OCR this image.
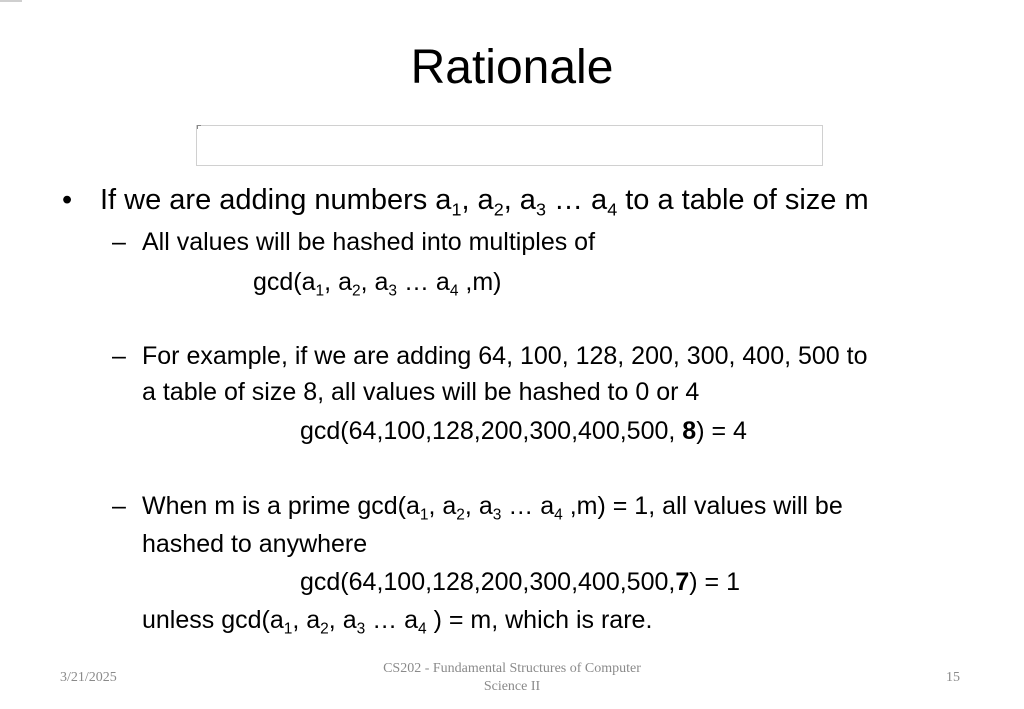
Rationale
• If we are adding numbers $a_1$, $a_2$, $a_3$ … $a_4$ to a table of size m
– All values will be hashed into multiples of
$\gcd(a_1$, $a_2$, $a_3$ … $a_4$ ,m)
– For example, if we are adding 64, 100, 128, 200, 300, 400, 500 to
a table of size 8, all values will be hashed to 0 or 4
gcd(64,100,128,200,300,400,500, 8) = 4
– When m is a prime $\gcd(a_1$, $a_2$, $a_3$ … $a_4$ ,m) = 1, all values will be
hashed to anywhere
gcd(64,100,128,200,300,400,500,7) = 1
unless $\gcd(a_1$, $a_2$, $a_3$ … $a_4$ ) = m, which is rare.
3/21/2025
CS202 - Fundamental Structures of Computer
Science II
15
